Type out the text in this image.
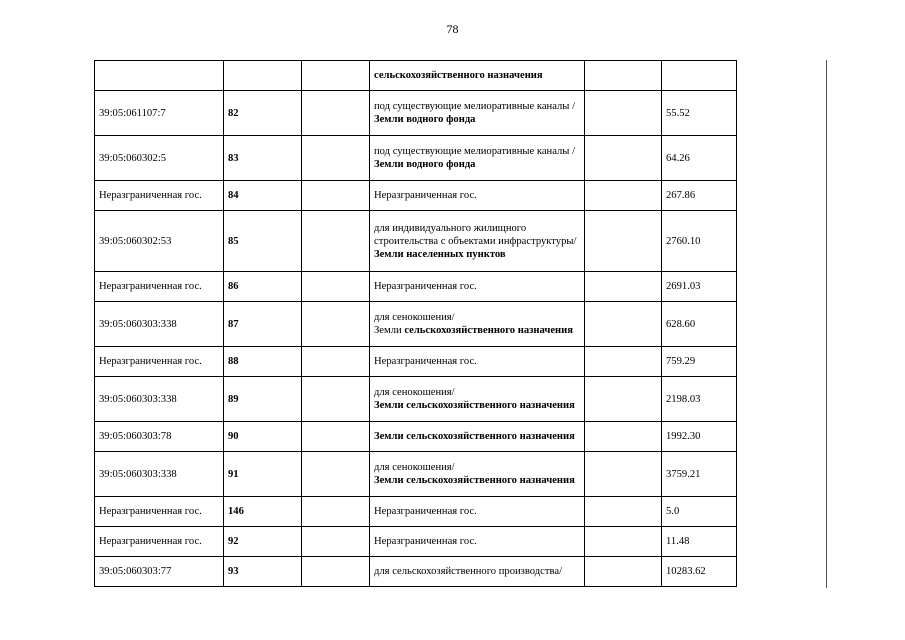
78

			сельскохозяйственного назначения		

39:05:061107:7	82		под существующие мелиоративные каналы /
Земли водного фонда		55.52
39:05:060302:5	83		под существующие мелиоративные каналы /
Земли водного фонда		64.26
Неразграниченная гос.	84		Неразграниченная гос.		267.86
39:05:060302:53	85		для индивидуального жилищного строительства с объектами инфраструктуры/
Земли населенных пунктов		2760.10
Неразграниченная гос.	86		Неразграниченная гос.		2691.03
39:05:060303:338	87		для сенокошения/
Земли сельскохозяйственного назначения		628.60
Неразграниченная гос.	88		Неразграниченная гос.		759.29
39:05:060303:338	89		для сенокошения/
Земли сельскохозяйственного назначения		2198.03
39:05:060303:78	90		Земли сельскохозяйственного назначения		1992.30
39:05:060303:338	91		для сенокошения/
Земли сельскохозяйственного назначения		3759.21
Неразграниченная гос.	146		Неразграниченная гос.		5.0
Неразграниченная гос.	92		Неразграниченная гос.		11.48
39:05:060303:77	93		для сельскохозяйственного производства/		10283.62
